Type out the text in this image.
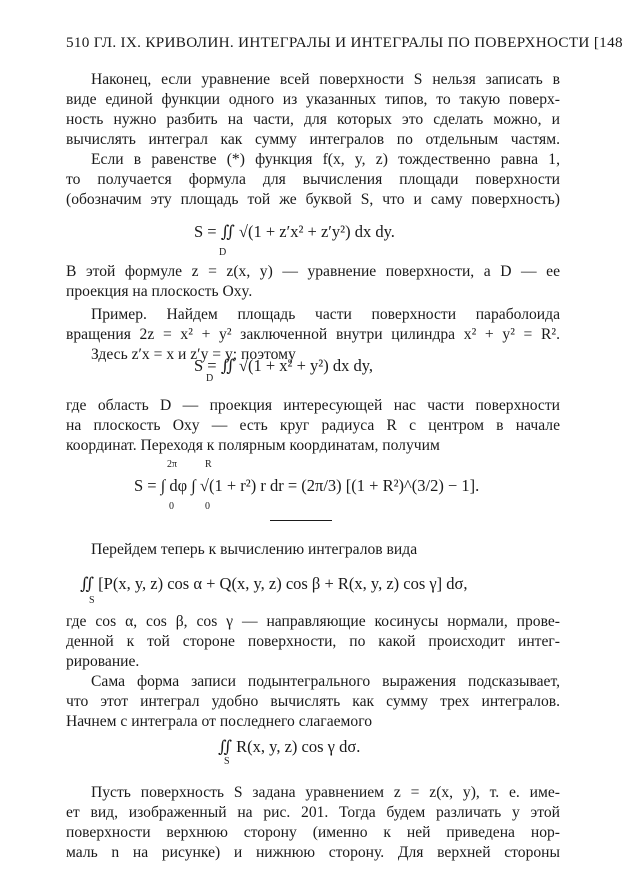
510 ГЛ. IX. КРИВОЛИН. ИНТЕГРАЛЫ И ИНТЕГРАЛЫ ПО ПОВЕРХНОСТИ [148
Наконец, если уравнение всей поверхности S нельзя записать в
виде единой функции одного из указанных типов, то такую поверх-
ность нужно разбить на части, для которых это сделать можно, и
вычислять интеграл как сумму интегралов по отдельным частям.
Если в равенстве (*) функция f(x, y, z) тождественно равна 1,
то получается формула для вычисления площади поверхности
(обозначим эту площадь той же буквой S, что и саму поверхность)
S = ∬ √(1 + z′x² + z′y²) dx dy.
D
В этой формуле z = z(x, y) — уравнение поверхности, а D — ее
проекция на плоскость Oxy.
Пример. Найдем площадь части поверхности параболоида
вращения 2z = x² + y² заключенной внутри цилиндра x² + y² = R².
Здесь z′x = x и z′y = y; поэтому
S = ∬ √(1 + x² + y²) dx dy,
D
где область D — проекция интересующей нас части поверхности
на плоскость Oxy — есть круг радиуса R с центром в начале
координат. Переходя к полярным координатам, получим
2π	R
S = ∫ dφ ∫ √(1 + r²) r dr = (2π/3) [(1 + R²)^(3/2) − 1].
0	0
Перейдем теперь к вычислению интегралов вида
∬ [P(x, y, z) cos α + Q(x, y, z) cos β + R(x, y, z) cos γ] dσ,
S
где cos α, cos β, cos γ — направляющие косинусы нормали, прове-
денной к той стороне поверхности, по какой происходит интег-
рирование.
Сама форма записи подынтегрального выражения подсказывает,
что этот интеграл удобно вычислять как сумму трех интегралов.
Начнем с интеграла от последнего слагаемого
∬ R(x, y, z) cos γ dσ.
S
Пусть поверхность S задана уравнением z = z(x, y), т. е. име-
ет вид, изображенный на рис. 201. Тогда будем различать у этой
поверхности верхнюю сторону (именно к ней приведена нор-
маль n на рисунке) и нижнюю сторону. Для верхней стороны
